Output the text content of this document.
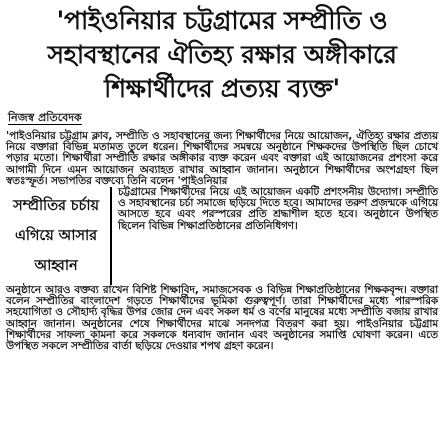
'পাইওনিয়ার চট্টগ্রামের সম্প্রীতি ও সহাবস্থানের ঐতিহ্য রক্ষার অঙ্গীকারে শিক্ষার্থীদের প্রত্যয় ব্যক্ত'
নিজস্ব প্রতিবেদক

'পাইওনিয়ার চট্টগ্রাম ক্লাব, সম্প্রীতি ও সহাবস্থানের জন্য শিক্ষার্থীদের নিয়ে আয়োজন, ঐতিহ্য রক্ষার প্রত্যয় নিয়ে বক্তারা বিভিন্ন মতামত তুলে ধরেন। শিক্ষার্থীদের সমন্বয়ে অনুষ্ঠানে শিক্ষকদের উপস্থিতি ছিল চোখে পড়ার মতো। শিক্ষার্থীরা সম্প্রীতি রক্ষার অঙ্গীকার ব্যক্ত করেন এবং বক্তারা এই আয়োজনের প্রশংসা করে আগামী দিনে এমন আয়োজন অব্যাহত রাখার আহ্বান জানান। অনুষ্ঠানে শিক্ষার্থীদের অংশগ্রহণ ছিল স্বতঃস্ফূর্ত। সভাপতির বক্তব্যে তিনি বলেন 'পাইওনিয়ার

সম্প্রীতির চর্চায় এগিয়ে আসার আহ্বান
চট্টগ্রামের শিক্ষার্থীদের নিয়ে এই আয়োজন একটি প্রশংসনীয় উদ্যোগ। সম্প্রীতি ও সহাবস্থানের চর্চা সমাজে ছড়িয়ে দিতে হবে। আমাদের তরুণ প্রজন্মকে এগিয়ে আসতে হবে এবং পরস্পরের প্রতি শ্রদ্ধাশীল হতে হবে। অনুষ্ঠানে উপস্থিত ছিলেন বিভিন্ন শিক্ষাপ্রতিষ্ঠানের প্রতিনিধিগণ।

অনুষ্ঠানে আরও বক্তব্য রাখেন বিশিষ্ট শিক্ষাবিদ, সমাজসেবক ও বিভিন্ন শিক্ষাপ্রতিষ্ঠানের শিক্ষকবৃন্দ। বক্তারা বলেন সম্প্রীতির বাংলাদেশ গড়তে শিক্ষার্থীদের ভূমিকা গুরুত্বপূর্ণ। তারা শিক্ষার্থীদের মধ্যে পারস্পরিক সহযোগিতা ও সৌহার্দ্য বৃদ্ধির উপর জোর দেন এবং সকল ধর্ম ও বর্ণের মানুষের মধ্যে সম্প্রীতি বজায় রাখার আহ্বান জানান। অনুষ্ঠানের শেষে শিক্ষার্থীদের মাঝে সনদপত্র বিতরণ করা হয়। পাইওনিয়ার চট্টগ্রাম শিক্ষার্থীদের সাফল্য কামনা করে সকলকে ধন্যবাদ জানান এবং অনুষ্ঠানের সমাপ্তি ঘোষণা করেন। এতে উপস্থিত সকলে সম্প্রীতির বার্তা ছড়িয়ে দেওয়ার শপথ গ্রহণ করেন।
